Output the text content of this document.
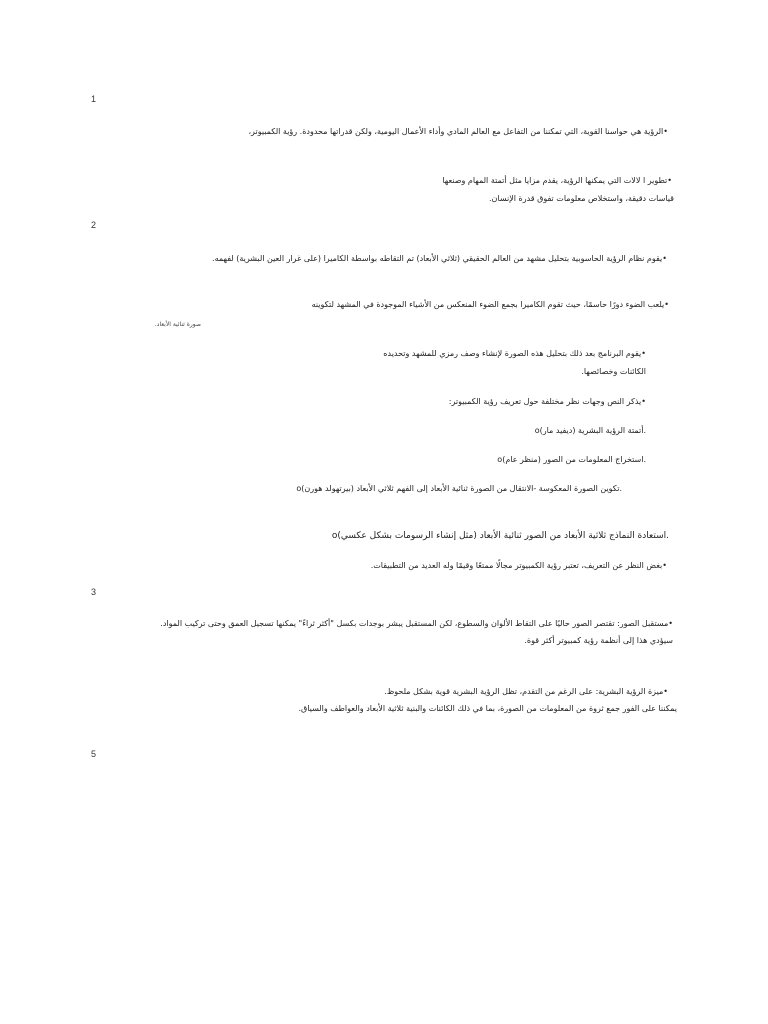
1
2
3
5
•الرؤية هي حواسنا القوية، التي تمكننا من التفاعل مع العالم المادي وأداء الأعمال اليومية، ولكن قدراتها محدودة. رؤية الكمبيوتر،
•تطوير ا لالات التي يمكنها الرؤية، يقدم مزايا مثل أتمتة المهام وصنعها
قياسات دقيقة، واستخلاص معلومات تفوق قدرة الإنسان.
•يقوم نظام الرؤية الحاسوبية بتحليل مشهد من العالم الحقيقي (ثلاثي الأبعاد) تم التقاطه بواسطة الكاميرا (على غرار العين البشرية) لفهمه.
•يلعب الضوء دورًا حاسمًا، حيث تقوم الكاميرا بجمع الضوء المنعكس من الأشياء الموجودة في المشهد لتكوينه
صورة ثنائية الأبعاد.
•يقوم البرنامج بعد ذلك بتحليل هذه الصورة لإنشاء وصف رمزي للمشهد وتحديده
الكائنات وخصائصها.
•يذكر النص وجهات نظر مختلفة حول تعريف رؤية الكمبيوتر:
oأتمتة الرؤية البشرية (ديفيد مار).
oاستخراج المعلومات من الصور (منظر عام).
oتكوين الصورة المعكوسة -الانتقال من الصورة ثنائية الأبعاد إلى الفهم ثلاثي الأبعاد (بيرتهولد هورن).
oاستعادة النماذج ثلاثية الأبعاد من الصور ثنائية الأبعاد (مثل إنشاء الرسومات بشكل عكسي).
•بغض النظر عن التعريف، تعتبر رؤية الكمبيوتر مجالًا ممتعًا وقيمًا وله العديد من التطبيقات.
•مستقبل الصور: تقتصر الصور حاليًا على التقاط الألوان والسطوع، لكن المستقبل يبشر بوجدات بكسل "أكثر ثراءً" يمكنها تسجيل العمق وحتى تركيب المواد.
سيؤدي هذا إلى أنظمة رؤية كمبيوتر أكثر قوة.
•ميزة الرؤية البشرية: على الرغم من التقدم، تظل الرؤية البشرية قوية بشكل ملحوظ.
يمكننا على الفور جمع ثروة من المعلومات من الصورة، بما في ذلك الكائنات والبنية ثلاثية الأبعاد والعواطف والسياق.
